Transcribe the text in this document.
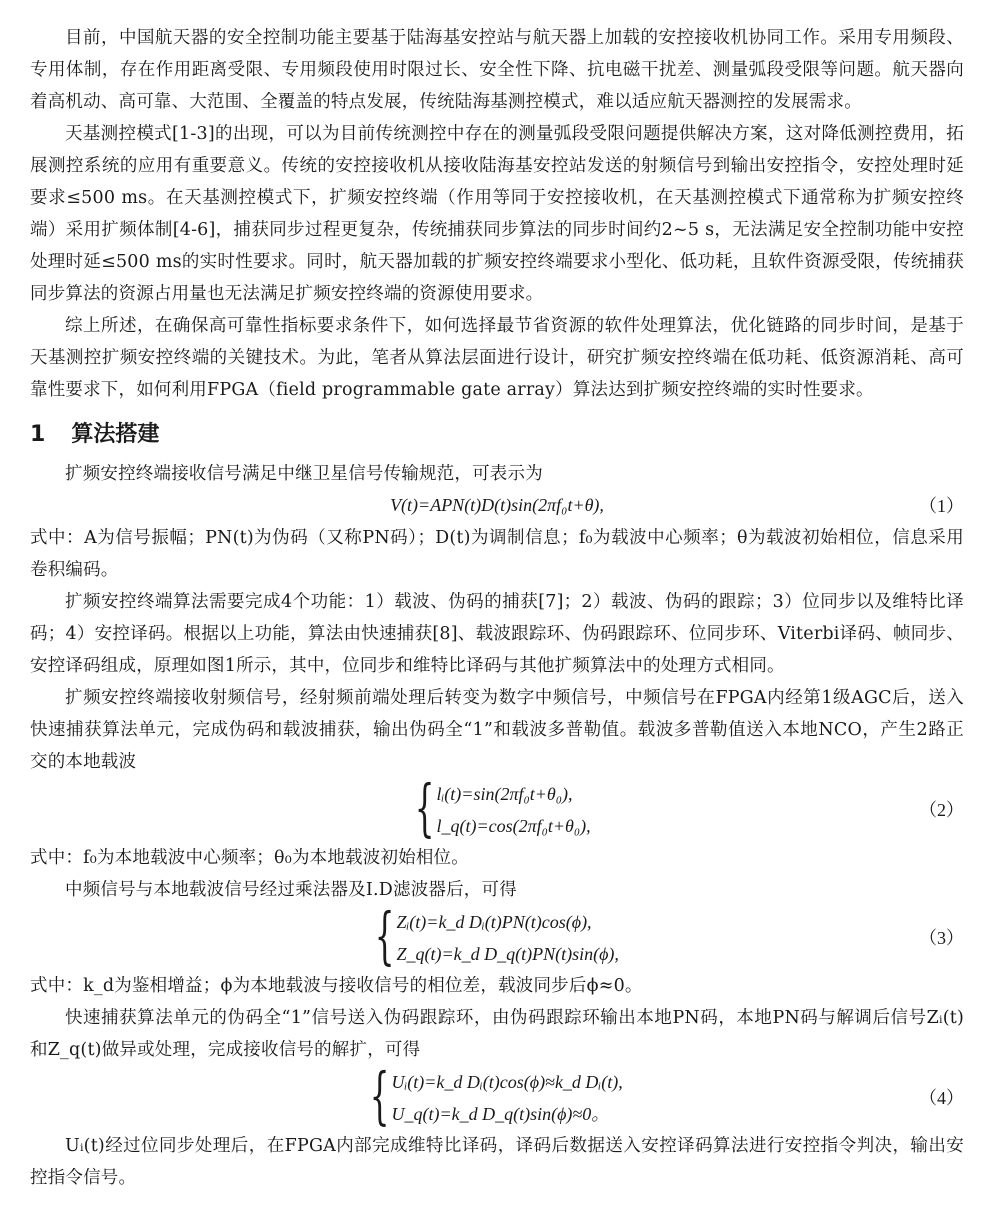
目前，中国航天器的安全控制功能主要基于陆海基安控站与航天器上加载的安控接收机协同工作。采用专用频段、专用体制，存在作用距离受限、专用频段使用时限过长、安全性下降、抗电磁干扰差、测量弧段受限等问题。航天器向着高机动、高可靠、大范围、全覆盖的特点发展，传统陆海基测控模式，难以适应航天器测控的发展需求。

天基测控模式[1-3]的出现，可以为目前传统测控中存在的测量弧段受限问题提供解决方案，这对降低测控费用，拓展测控系统的应用有重要意义。传统的安控接收机从接收陆海基安控站发送的射频信号到输出安控指令，安控处理时延要求≤500 ms。在天基测控模式下，扩频安控终端（作用等同于安控接收机，在天基测控模式下通常称为扩频安控终端）采用扩频体制[4-6]，捕获同步过程更复杂，传统捕获同步算法的同步时间约2~5 s，无法满足安全控制功能中安控处理时延≤500 ms的实时性要求。同时，航天器加载的扩频安控终端要求小型化、低功耗，且软件资源受限，传统捕获同步算法的资源占用量也无法满足扩频安控终端的资源使用要求。

综上所述，在确保高可靠性指标要求条件下，如何选择最节省资源的软件处理算法，优化链路的同步时间，是基于天基测控扩频安控终端的关键技术。为此，笔者从算法层面进行设计，研究扩频安控终端在低功耗、低资源消耗、高可靠性要求下，如何利用FPGA（field programmable gate array）算法达到扩频安控终端的实时性要求。

1 算法搭建

扩频安控终端接收信号满足中继卫星信号传输规范，可表示为

V(t)=APN(t)D(t)sin(2πf₀t+θ),	（1）

式中：A为信号振幅；PN(t)为伪码（又称PN码）；D(t)为调制信息；f₀为载波中心频率；θ为载波初始相位，信息采用卷积编码。

扩频安控终端算法需要完成4个功能：1）载波、伪码的捕获[7]；2）载波、伪码的跟踪；3）位同步以及维特比译码；4）安控译码。根据以上功能，算法由快速捕获[8]、载波跟踪环、伪码跟踪环、位同步环、Viterbi译码、帧同步、安控译码组成，原理如图1所示，其中，位同步和维特比译码与其他扩频算法中的处理方式相同。

扩频安控终端接收射频信号，经射频前端处理后转变为数字中频信号，中频信号在FPGA内经第1级AGC后，送入快速捕获算法单元，完成伪码和载波捕获，输出伪码全“1”和载波多普勒值。载波多普勒值送入本地NCO，产生2路正交的本地载波

{ lᵢ(t)=sin(2πf₀t+θ₀),
l_q(t)=cos(2πf₀t+θ₀),
（2）

式中：f₀为本地载波中心频率；θ₀为本地载波初始相位。

中频信号与本地载波信号经过乘法器及I.D滤波器后，可得

{ Zᵢ(t)=k_d Dᵢ(t)PN(t)cos(ϕ),
Z_q(t)=k_d D_q(t)PN(t)sin(ϕ),
（3）

式中：k_d为鉴相增益；ϕ为本地载波与接收信号的相位差，载波同步后ϕ≈0。

快速捕获算法单元的伪码全“1”信号送入伪码跟踪环，由伪码跟踪环输出本地PN码，本地PN码与解调后信号Zᵢ(t)和Z_q(t)做异或处理，完成接收信号的解扩，可得

{ Uᵢ(t)=k_d Dᵢ(t)cos(ϕ)≈k_d Dᵢ(t),
U_q(t)=k_d D_q(t)sin(ϕ)≈0。
（4）

Uᵢ(t)经过位同步处理后，在FPGA内部完成维特比译码，译码后数据送入安控译码算法进行安控指令判决，输出安控指令信号。
